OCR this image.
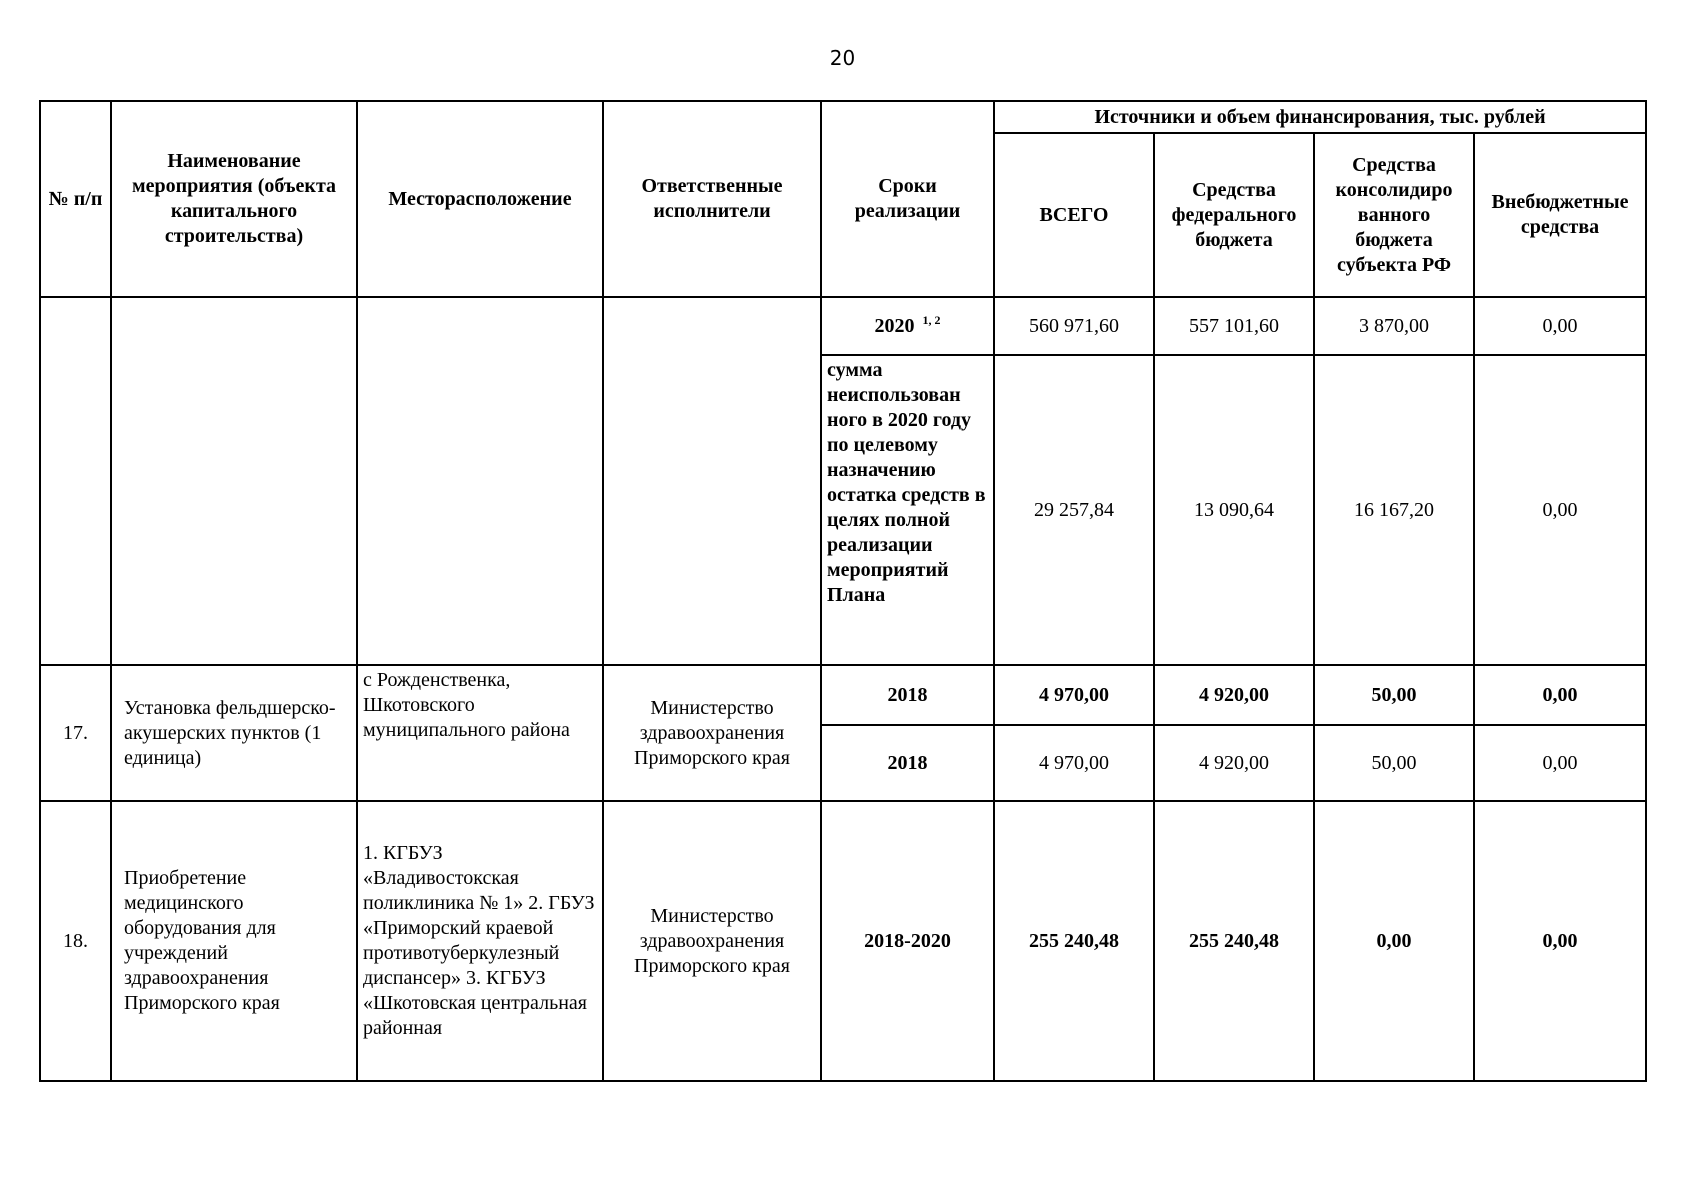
20
№ п/п	Наименование мероприятия (объекта капитального строительства)	Месторасположение	Ответственные исполнители	Сроки реализации	Источники и объем финансирования, тыс. рублей			
					ВСЕГО	Средства федерального бюджета	Средства консолидиро ванного бюджета субъекта РФ	Внебюджетные средства
				2020 $^{1, 2}$	560 971,60	557 101,60	3 870,00	0,00
				сумма неиспользован ного в 2020 году по целевому назначению остатка средств в целях полной реализации мероприятий Плана	29 257,84	13 090,64	16 167,20	0,00
17.	Установка фельдшерско-акушерских пунктов (1 единица)	с Рожденственка, Шкотовского муниципального района	Министерство здравоохранения Приморского края	2018	4 970,00	4 920,00	50,00	0,00
				2018	4 970,00	4 920,00	50,00	0,00
18.	Приобретение медицинского оборудования для учреждений здравоохранения Приморского края	1. КГБУЗ «Владивостокская поликлиника № 1» 2. ГБУЗ «Приморский краевой противотуберкулезный диспансер» 3. КГБУЗ «Шкотовская центральная районная	Министерство здравоохранения Приморского края	2018-2020	255 240,48	255 240,48	0,00	0,00
